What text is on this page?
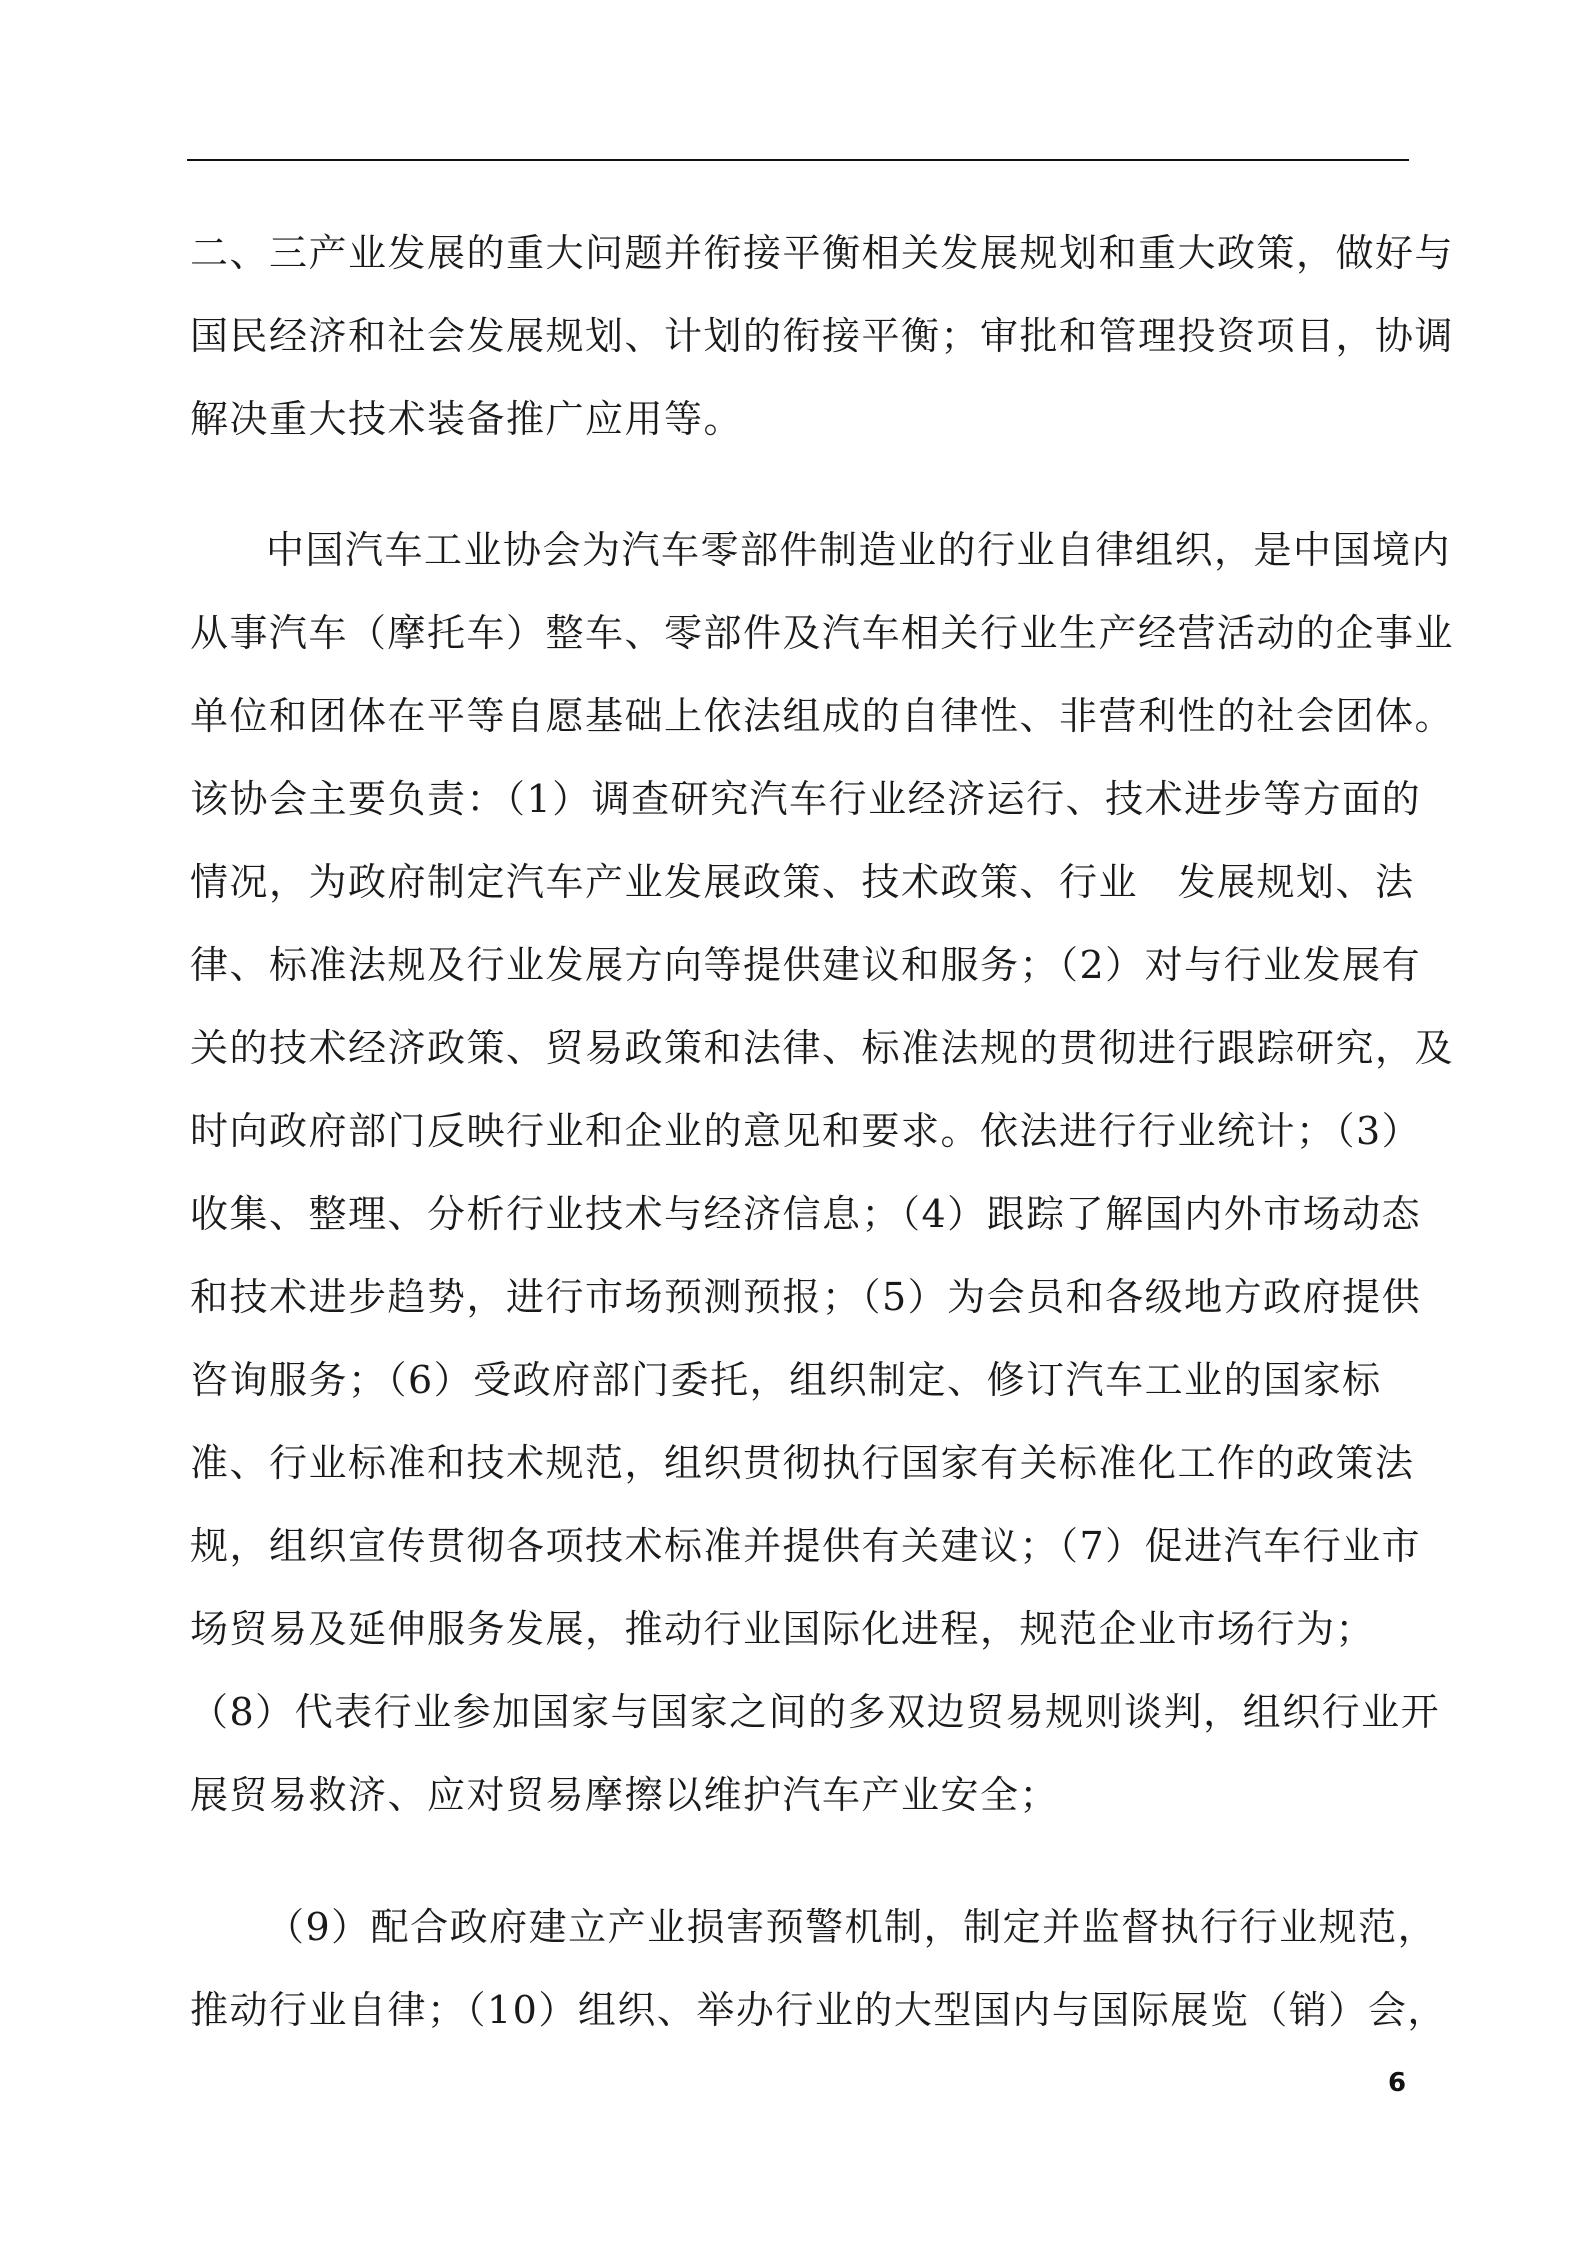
二、三产业发展的重大问题并衔接平衡相关发展规划和重大政策，做好与
国民经济和社会发展规划、计划的衔接平衡；审批和管理投资项目，协调
解决重大技术装备推广应用等。
中国汽车工业协会为汽车零部件制造业的行业自律组织，是中国境内
从事汽车（摩托车）整车、零部件及汽车相关行业生产经营活动的企事业
单位和团体在平等自愿基础上依法组成的自律性、非营利性的社会团体。
该协会主要负责：（1）调查研究汽车行业经济运行、技术进步等方面的
情况，为政府制定汽车产业发展政策、技术政策、行业　发展规划、法
律、标准法规及行业发展方向等提供建议和服务；（2）对与行业发展有
关的技术经济政策、贸易政策和法律、标准法规的贯彻进行跟踪研究，及
时向政府部门反映行业和企业的意见和要求。依法进行行业统计；（3）
收集、整理、分析行业技术与经济信息；（4）跟踪了解国内外市场动态
和技术进步趋势，进行市场预测预报；（5）为会员和各级地方政府提供
咨询服务；（6）受政府部门委托，组织制定、修订汽车工业的国家标
准、行业标准和技术规范，组织贯彻执行国家有关标准化工作的政策法
规，组织宣传贯彻各项技术标准并提供有关建议；（7）促进汽车行业市
场贸易及延伸服务发展，推动行业国际化进程，规范企业市场行为；
（8）代表行业参加国家与国家之间的多双边贸易规则谈判，组织行业开
展贸易救济、应对贸易摩擦以维护汽车产业安全；
（9）配合政府建立产业损害预警机制，制定并监督执行行业规范，
推动行业自律；（10）组织、举办行业的大型国内与国际展览（销）会，
6
